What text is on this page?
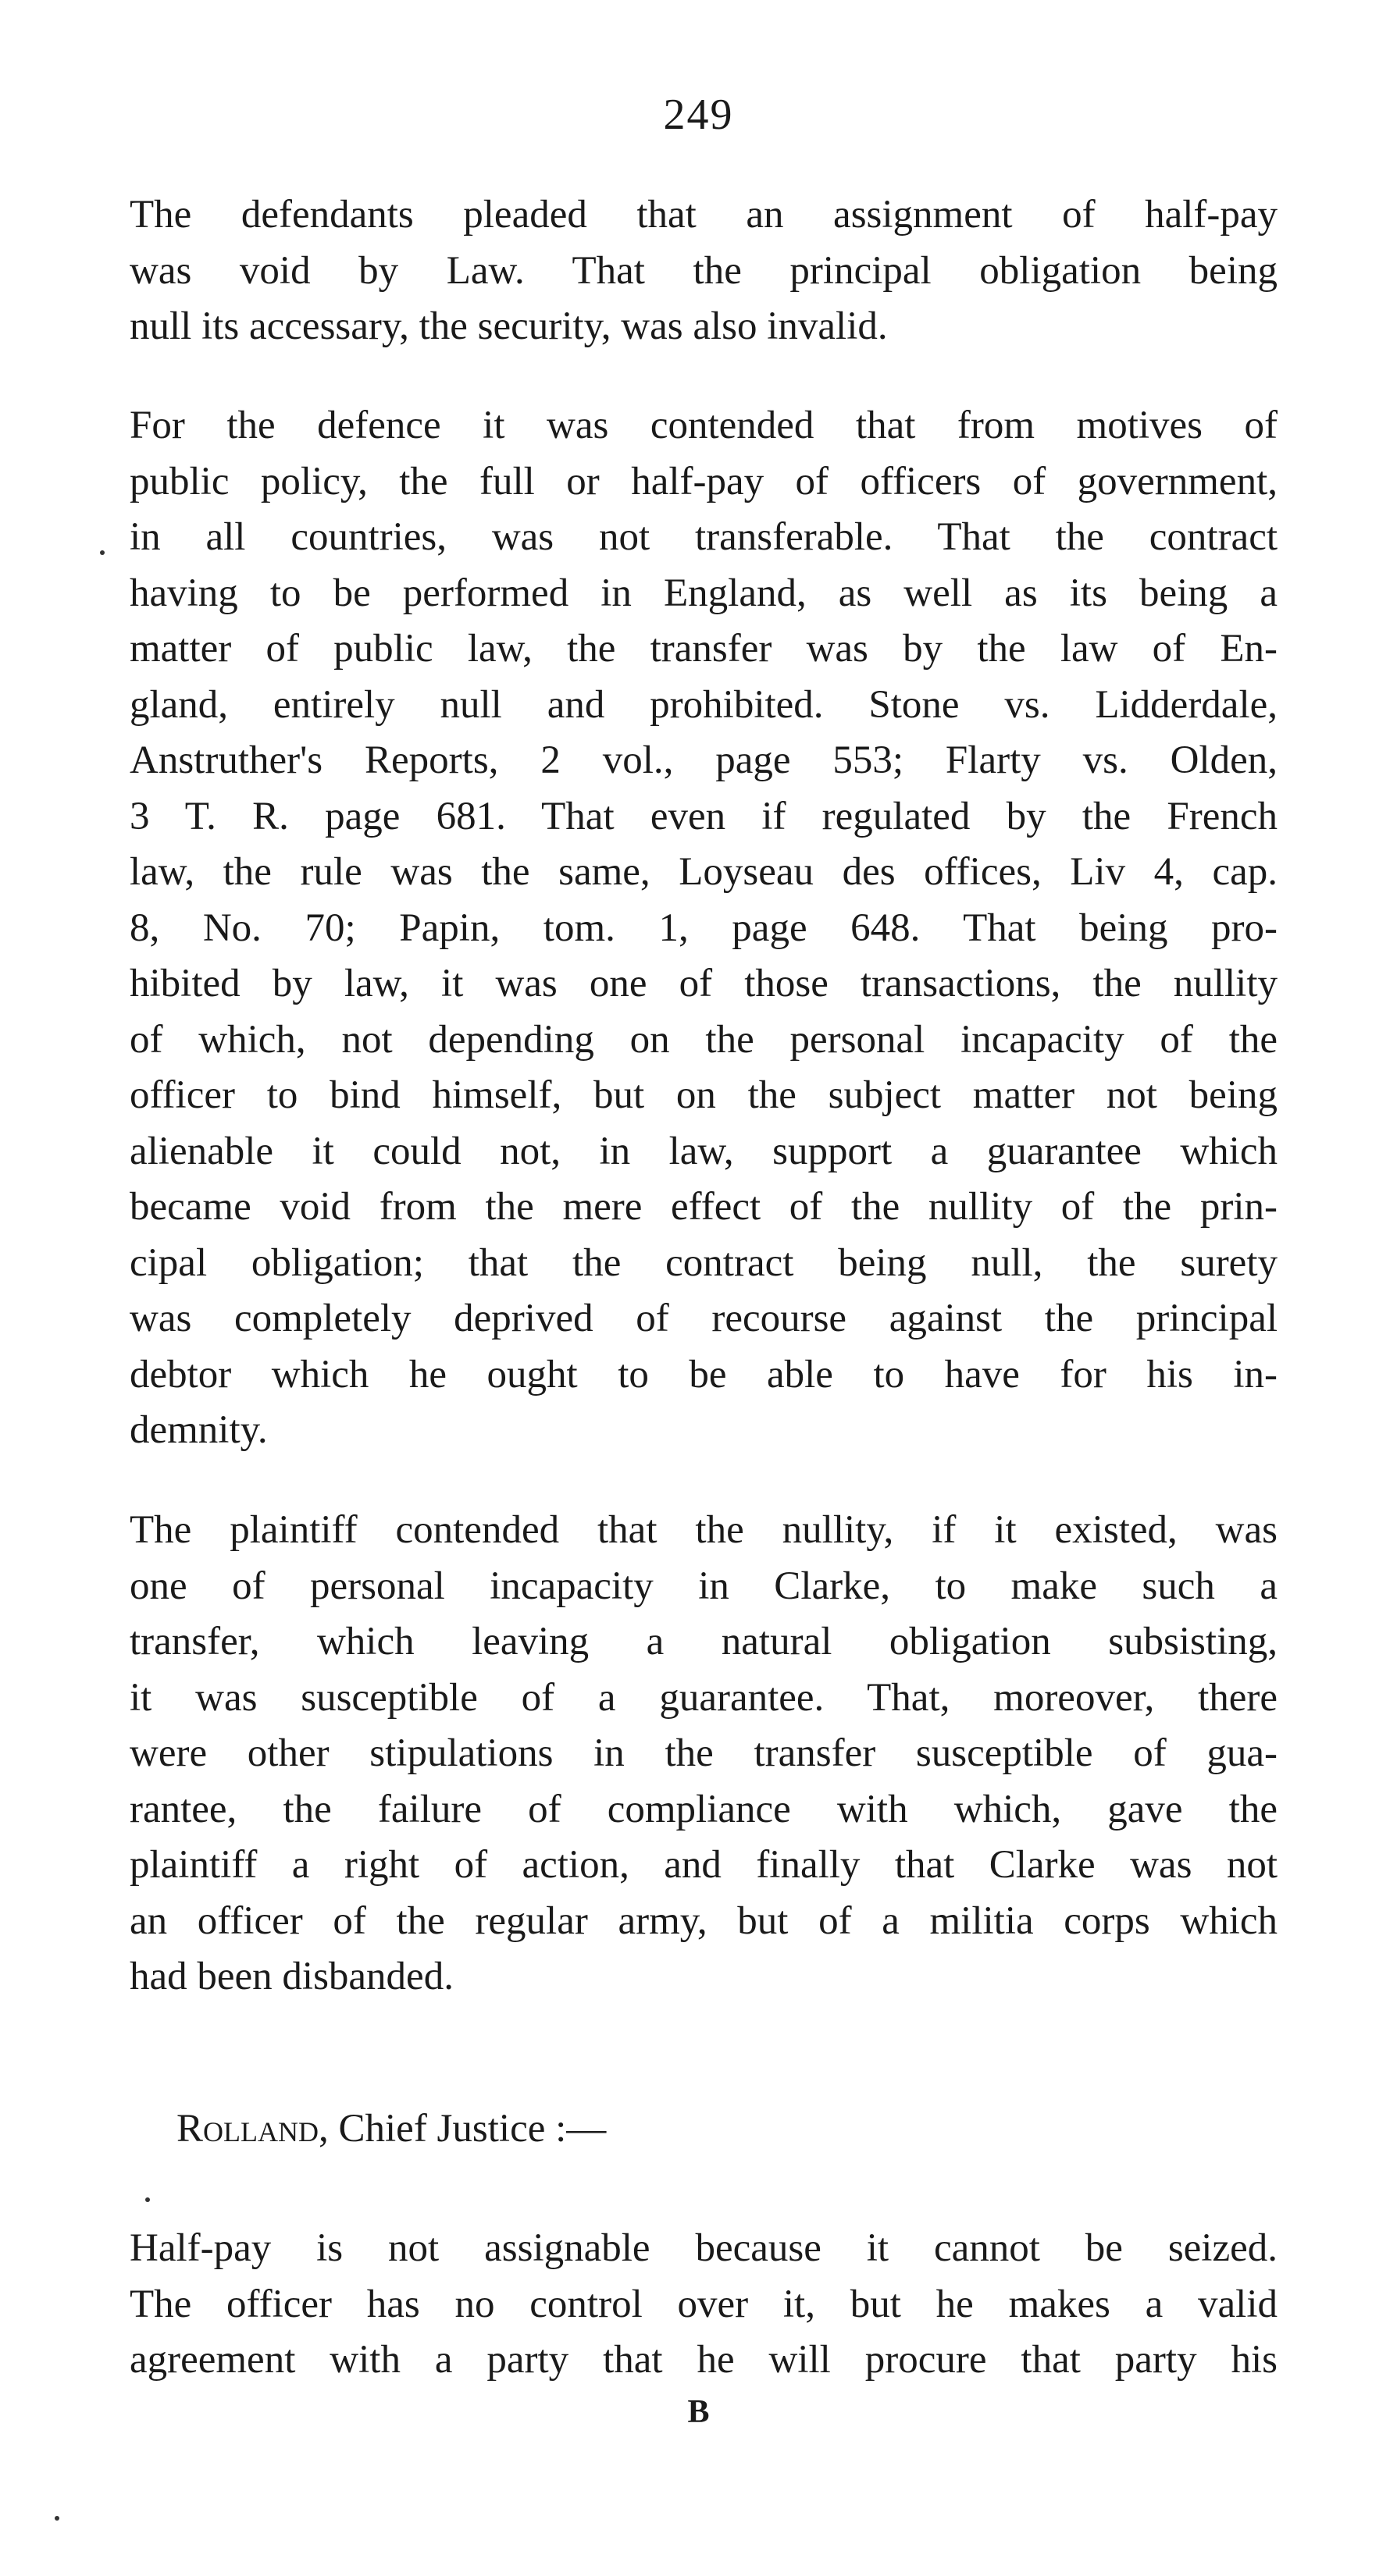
249
The defendants pleaded that an assignment of half-pay
was void by Law. That the principal obligation being
null its accessary, the security, was also invalid.
For the defence it was contended that from motives of
public policy, the full or half-pay of officers of government,
in all countries, was not transferable. That the contract
having to be performed in England, as well as its being a
matter of public law, the transfer was by the law of En-
gland, entirely null and prohibited. Stone vs. Lidderdale,
Anstruther's Reports, 2 vol., page 553; Flarty vs. Olden,
3 T. R. page 681. That even if regulated by the French
law, the rule was the same, Loyseau des offices, Liv 4, cap.
8, No. 70; Papin, tom. 1, page 648. That being pro-
hibited by law, it was one of those transactions, the nullity
of which, not depending on the personal incapacity of the
officer to bind himself, but on the subject matter not being
alienable it could not, in law, support a guarantee which
became void from the mere effect of the nullity of the prin-
cipal obligation; that the contract being null, the surety
was completely deprived of recourse against the principal
debtor which he ought to be able to have for his in-
demnity.
The plaintiff contended that the nullity, if it existed, was
one of personal incapacity in Clarke, to make such a
transfer, which leaving a natural obligation subsisting,
it was susceptible of a guarantee. That, moreover, there
were other stipulations in the transfer susceptible of gua-
rantee, the failure of compliance with which, gave the
plaintiff a right of action, and finally that Clarke was not
an officer of the regular army, but of a militia corps which
had been disbanded.
Rolland, Chief Justice :—
Half-pay is not assignable because it cannot be seized.
The officer has no control over it, but he makes a valid
agreement with a party that he will procure that party his
B
